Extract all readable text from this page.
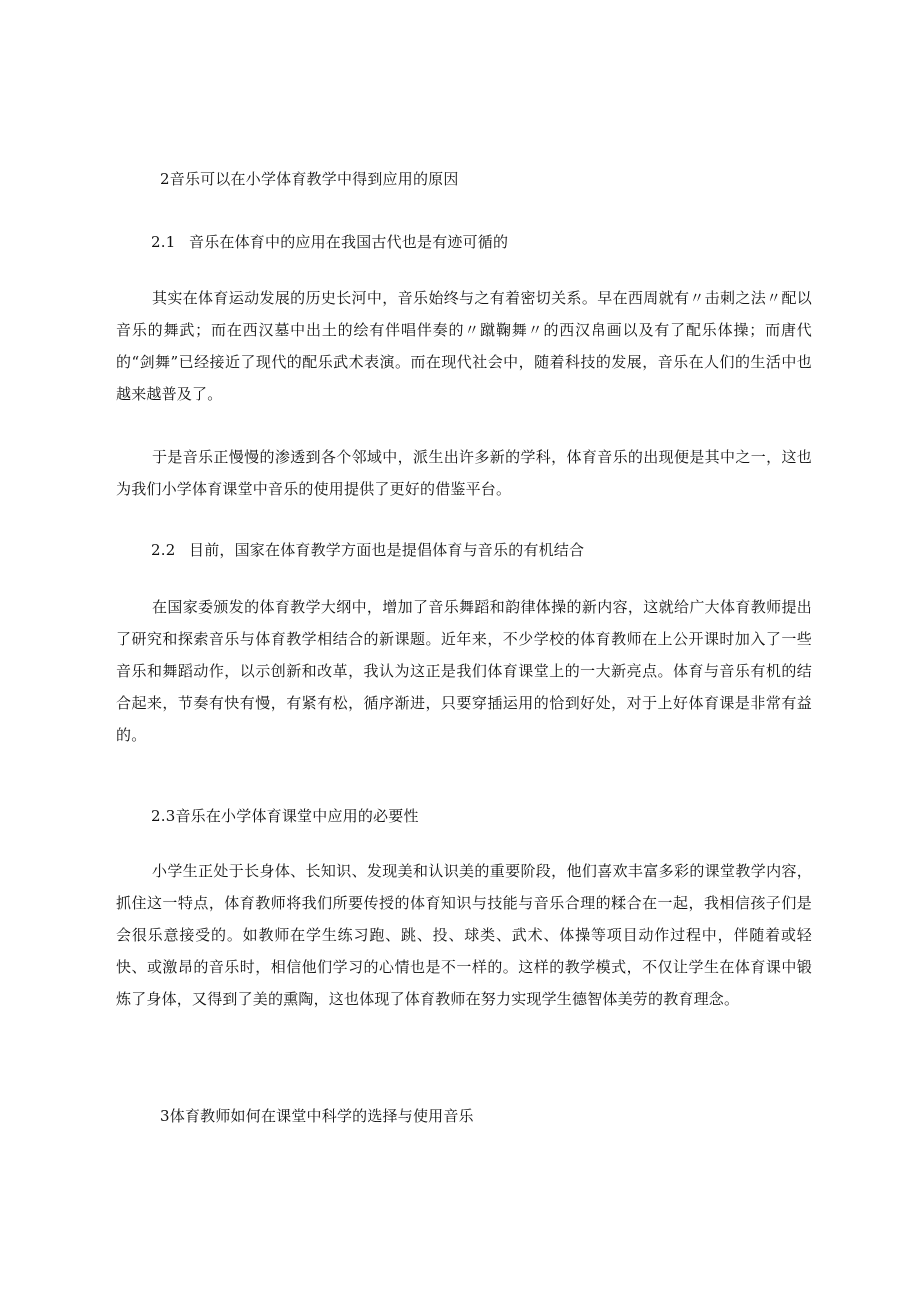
2音乐可以在小学体育教学中得到应用的原因

2.1 音乐在体育中的应用在我国古代也是有迹可循的

其实在体育运动发展的历史长河中，音乐始终与之有着密切关系。早在西周就有〃击刺之法〃配以音乐的舞武；而在西汉墓中出土的绘有伴唱伴奏的〃蹴鞠舞〃的西汉帛画以及有了配乐体操；而唐代的“剑舞”已经接近了现代的配乐武术表演。而在现代社会中，随着科技的发展，音乐在人们的生活中也越来越普及了。

于是音乐正慢慢的渗透到各个邻域中，派生出许多新的学科，体育音乐的出现便是其中之一，这也为我们小学体育课堂中音乐的使用提供了更好的借鉴平台。

2.2 目前，国家在体育教学方面也是提倡体育与音乐的有机结合

在国家委颁发的体育教学大纲中，增加了音乐舞蹈和韵律体操的新内容，这就给广大体育教师提出了研究和探索音乐与体育教学相结合的新课题。近年来，不少学校的体育教师在上公开课时加入了一些音乐和舞蹈动作，以示创新和改革，我认为这正是我们体育课堂上的一大新亮点。体育与音乐有机的结合起来，节奏有快有慢，有紧有松，循序渐进，只要穿插运用的恰到好处，对于上好体育课是非常有益的。

2.3音乐在小学体育课堂中应用的必要性

小学生正处于长身体、长知识、发现美和认识美的重要阶段，他们喜欢丰富多彩的课堂教学内容，抓住这一特点，体育教师将我们所要传授的体育知识与技能与音乐合理的糅合在一起，我相信孩子们是会很乐意接受的。如教师在学生练习跑、跳、投、球类、武术、体操等项目动作过程中，伴随着或轻快、或激昂的音乐时，相信他们学习的心情也是不一样的。这样的教学模式，不仅让学生在体育课中锻炼了身体，又得到了美的熏陶，这也体现了体育教师在努力实现学生德智体美劳的教育理念。

3体育教师如何在课堂中科学的选择与使用音乐
